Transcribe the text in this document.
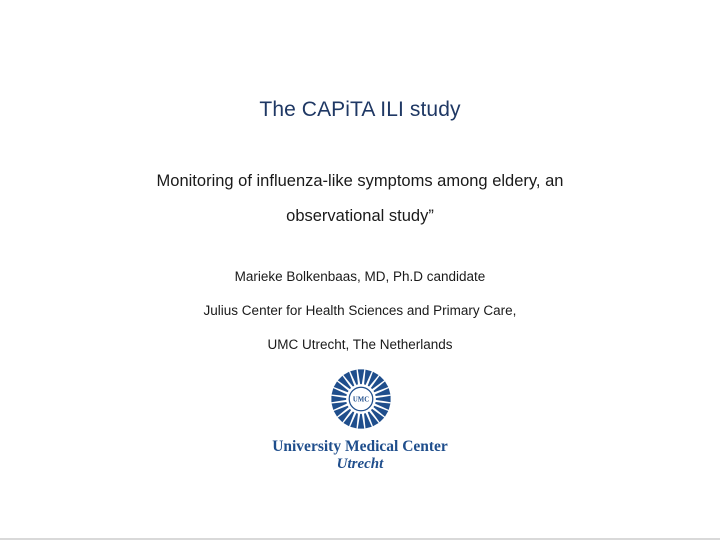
The CAPiTA ILI study
Monitoring of influenza-like symptoms among eldery, an
observational study”
Marieke Bolkenbaas, MD, Ph.D candidate
Julius Center for Health Sciences and Primary Care,
UMC Utrecht, The Netherlands
UMC
University Medical Center
Utrecht
